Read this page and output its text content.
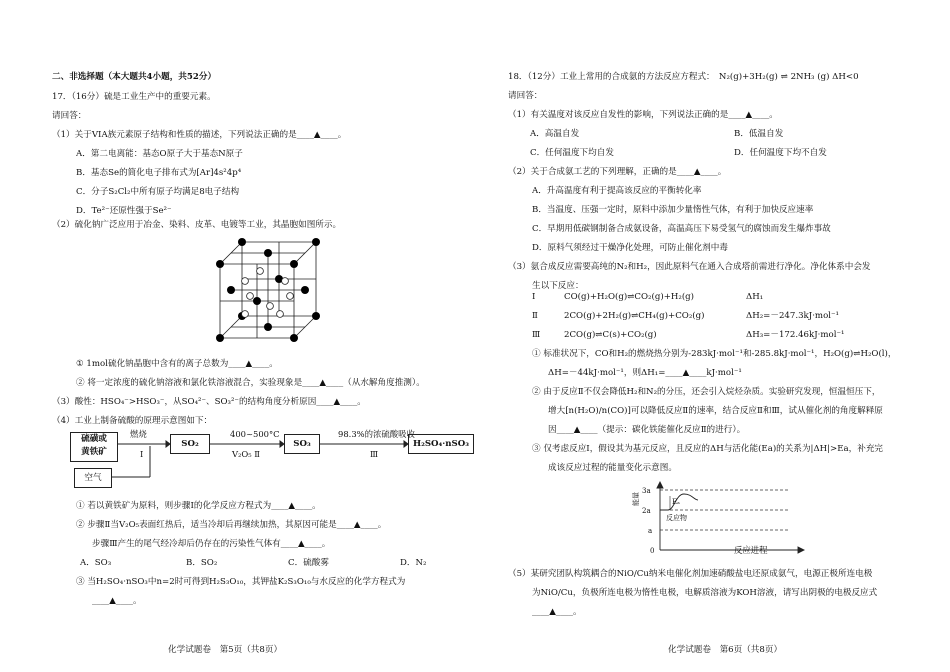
二、非选择题（本大题共4小题，共52分）
17．（16分）硫是工业生产中的重要元素。
请回答：
（1）关于VIA族元素原子结构和性质的描述，下列说法正确的是____▲____。
A．第二电离能：基态O原子大于基态N原子
B．基态Se的简化电子排布式为[Ar]4s²4p⁴
C．分子S₂Cl₂中所有原子均满足8电子结构
D．Te²⁻还原性强于Se²⁻
（2）硫化钠广泛应用于冶金、染料、皮革、电镀等工业，其晶胞如图所示。
① 1mol硫化钠晶胞中含有的离子总数为____▲____。
② 将一定浓度的硫化钠溶液和氯化铁溶液混合，实验现象是____▲____（从水解角度推测）。
（3）酸性：HSO₄⁻>HSO₃⁻，从SO₄²⁻、SO₃²⁻的结构角度分析原因____▲____。
（4）工业上制备硫酸的原理示意图如下：
硫磺或
黄铁矿
燃烧
Ⅰ
SO₂
400~500°C
V₂O₅ Ⅱ
SO₃
98.3%的浓硫酸吸收
Ⅲ
H₂SO₄·nSO₃
空气
① 若以黄铁矿为原料，则步骤Ⅰ的化学反应方程式为____▲____。
② 步骤Ⅱ当V₂O₅表面红热后，适当冷却后再继续加热，其原因可能是____▲____。
步骤Ⅲ产生的尾气经冷却后仍存在的污染性气体有____▲____。
A．SO₃	B．SO₂	C．硫酸雾	D．N₂
③ 当H₂SO₄·nSO₃中n=2时可得到H₂S₃O₁₀，其钾盐K₂S₃O₁₀与水反应的化学方程式为
____▲____。
化学试题卷　第5页（共8页）
18．（12分）工业上常用的合成氨的方法反应方程式：　N₂(g)+3H₂(g) ⇌ 2NH₃ (g) ΔH<0
请回答：
（1）有关温度对该反应自发性的影响，下列说法正确的是____▲____。
A．高温自发	B．低温自发
C．任何温度下均自发	D．任何温度下均不自发
（2）关于合成氨工艺的下列理解，正确的是____▲____。
A．升高温度有利于提高该反应的平衡转化率
B．当温度、压强一定时，原料中添加少量惰性气体，有利于加快反应速率
C．早期用低碳钢制备合成氨设备，高温高压下易受氢气的腐蚀而发生爆炸事故
D．原料气须经过干燥净化处理，可防止催化剂中毒
（3）氨合成反应需要高纯的N₂和H₂，因此原料气在通入合成塔前需进行净化。净化体系中会发
生以下反应：
Ⅰ	CO(g)+H₂O(g)⇌CO₂(g)+H₂(g)	ΔH₁
Ⅱ	2CO(g)+2H₂(g)⇌CH₄(g)+CO₂(g)	ΔH₂=－247.3kJ·mol⁻¹
Ⅲ	2CO(g)⇌C(s)+CO₂(g)	ΔH₃=－172.46kJ·mol⁻¹
① 标准状况下，CO和H₂的燃烧热分别为-283kJ·mol⁻¹和-285.8kJ·mol⁻¹，H₂O(g)⇌H₂O(l)，
ΔH=－44kJ·mol⁻¹，则ΔH₁=____▲____kJ·mol⁻¹
② 由于反应Ⅱ不仅会降低H₂和N₂的分压，还会引入烷烃杂质。实验研究发现，恒温恒压下，
增大[n(H₂O)/n(CO)]可以降低反应Ⅱ的速率，结合反应Ⅱ和Ⅲ，试从催化剂的角度解释原
因____▲____（提示：碳化铁能催化反应Ⅱ的进行）。
③ 仅考虑反应Ⅰ，假设其为基元反应，且反应的ΔH与活化能(Ea)的关系为|ΔH|>Ea，补充完
成该反应过程的能量变化示意图。
3a
2a
a
0
Eₐ
反应物
能量
反应进程
（5）某研究团队构筑耦合的NiO/Cu纳米电催化剂加速硝酸盐电还原成氨气，电源正极所连电极
为NiO/Cu，负极所连电极为惰性电极，电解质溶液为KOH溶液，请写出阴极的电极反应式
____▲____。
化学试题卷　第6页（共8页）
